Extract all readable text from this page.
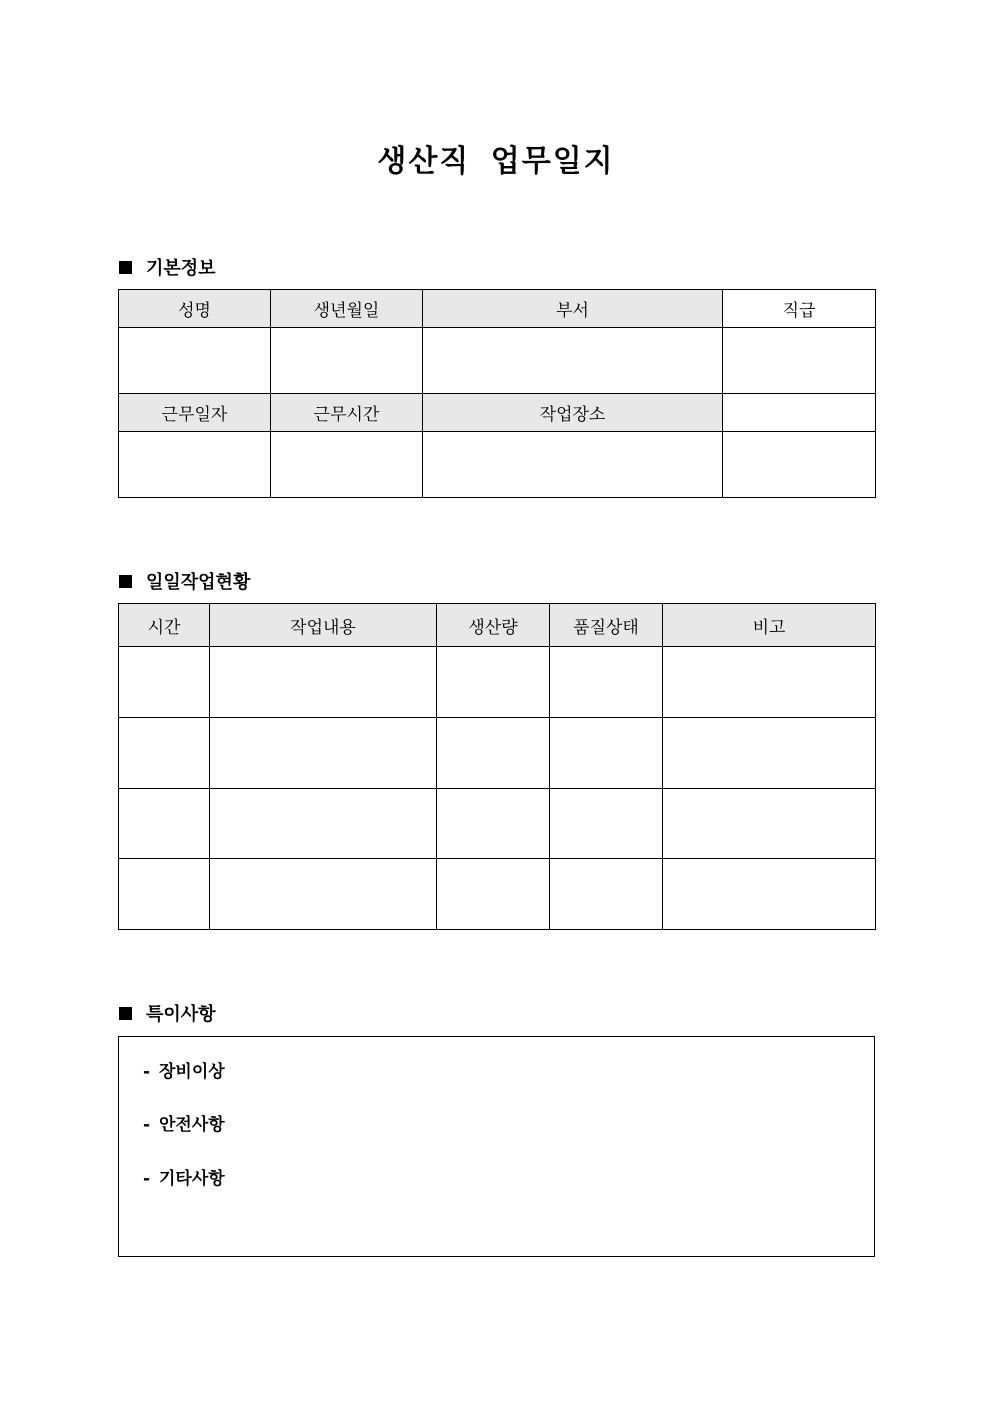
생산직 업무일지
기본정보
성명	생년월일	부서	직급

근무일자	근무시간	작업장소	

일일작업현황
시간	작업내용	생산량	품질상태	비고

특이사항
- 장비이상
- 안전사항
- 기타사항
